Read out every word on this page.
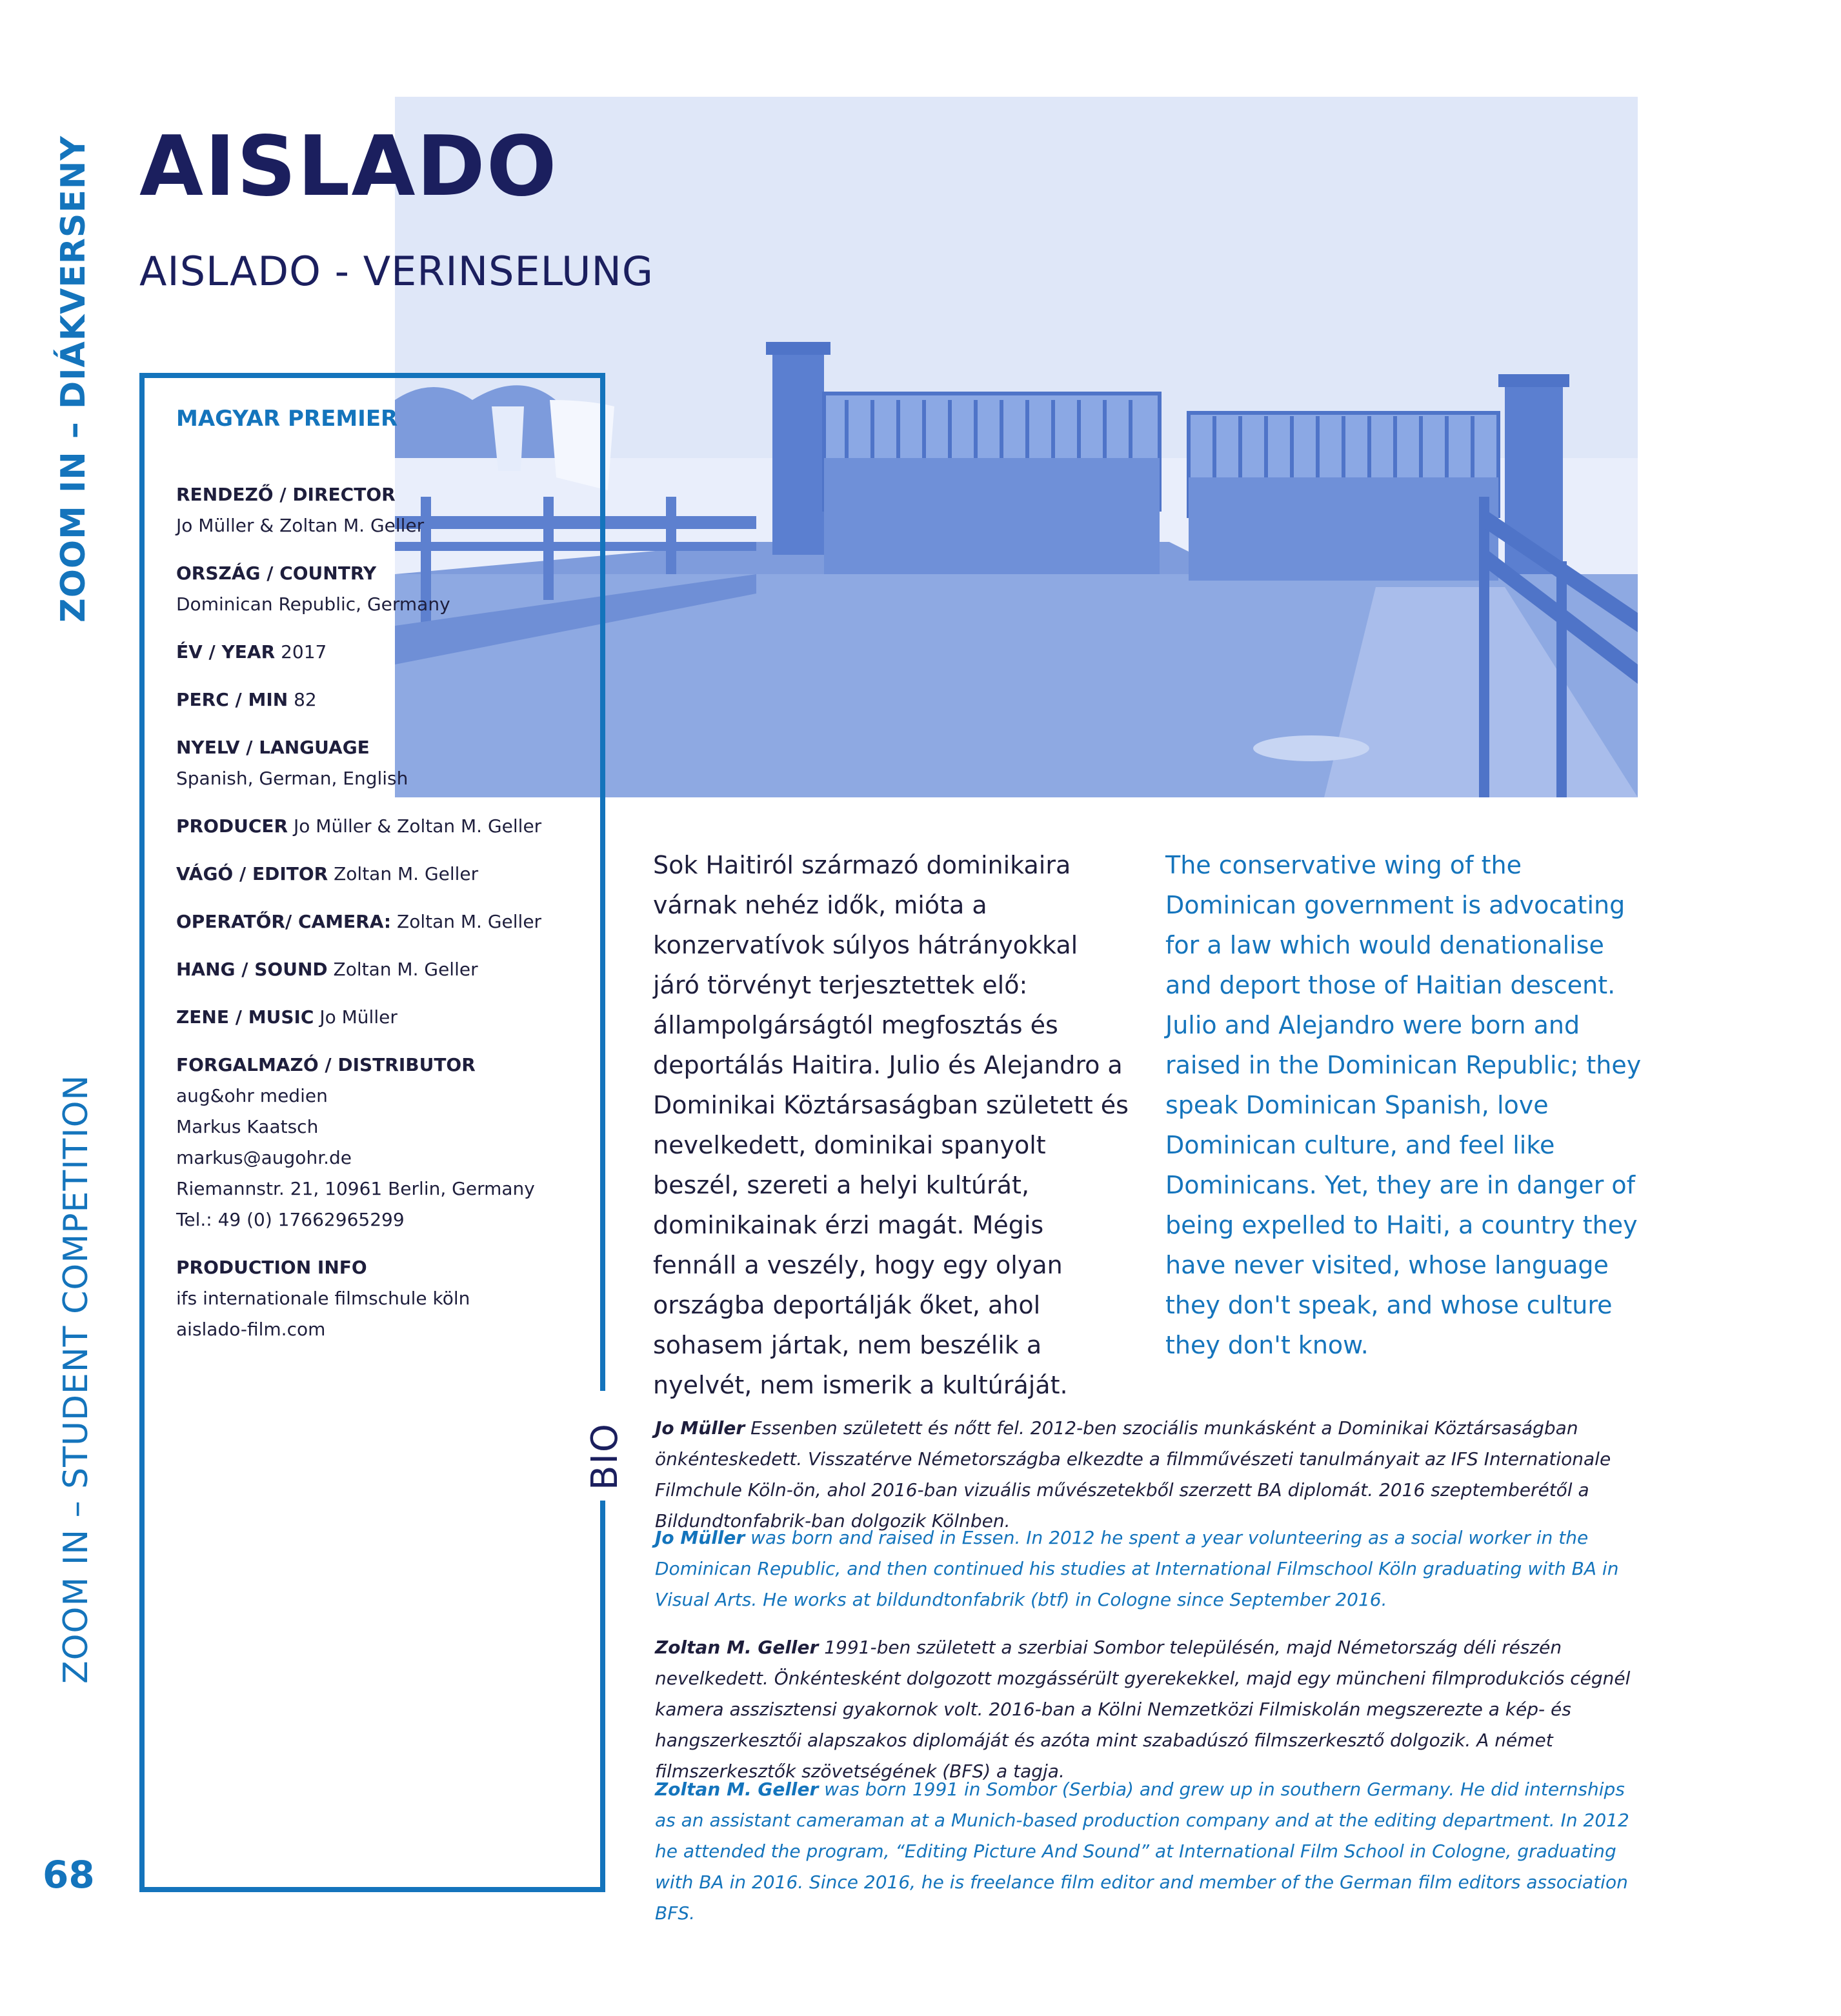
AISLADO
AISLADO - VERINSELUNG
ZOOM IN – DIÁKVERSENY
ZOOM IN – STUDENT COMPETITION
68
BIO
MAGYAR PREMIER
RENDEZŐ / DIRECTOR
Jo Müller & Zoltan M. Geller
ORSZÁG / COUNTRY
Dominican Republic, Germany
ÉV / YEAR 2017
PERC / MIN 82
NYELV / LANGUAGE
Spanish, German, English
PRODUCER Jo Müller & Zoltan M. Geller
VÁGÓ / EDITOR Zoltan M. Geller
OPERATŐR/ CAMERA: Zoltan M. Geller
HANG / SOUND Zoltan M. Geller
ZENE / MUSIC Jo Müller
FORGALMAZÓ / DISTRIBUTOR
aug&ohr medien
Markus Kaatsch
markus@augohr.de
Riemannstr. 21, 10961 Berlin, Germany
Tel.: 49 (0) 17662965299
PRODUCTION INFO
ifs internationale filmschule köln
aislado-film.com
Sok Haitiról származó dominikaira várnak nehéz idők, mióta a konzervatívok súlyos hátrányokkal járó törvényt terjesztettek elő: állampolgárságtól megfosztás és deportálás Haitira. Julio és Alejandro a Dominikai Köztársaságban született és nevelkedett, dominikai spanyolt beszél, szereti a helyi kultúrát, dominikainak érzi magát. Mégis fennáll a veszély, hogy egy olyan országba deportálják őket, ahol sohasem jártak, nem beszélik a nyelvét, nem ismerik a kultúráját.
The conservative wing of the Dominican government is advocating for a law which would denationalise and deport those of Haitian descent. Julio and Alejandro were born and raised in the Dominican Republic; they speak Dominican Spanish, love Dominican culture, and feel like Dominicans. Yet, they are in danger of being expelled to Haiti, a country they have never visited, whose language they don't speak, and whose culture they don't know.
Jo Müller Essenben született és nőtt fel. 2012-ben szociális munkásként a Dominikai Köztársaságban önkénteskedett. Visszatérve Németországba elkezdte a filmművészeti tanulmányait az IFS Internationale Filmchule Köln-ön, ahol 2016-ban vizuális művészetekből szerzett BA diplomát. 2016 szeptemberétől a Bildundtonfabrik-ban dolgozik Kölnben.
Jo Müller was born and raised in Essen. In 2012 he spent a year volunteering as a social worker in the Dominican Republic, and then continued his studies at International Filmschool Köln graduating with BA in Visual Arts. He works at bildundtonfabrik (btf) in Cologne since September 2016.
Zoltan M. Geller 1991-ben született a szerbiai Sombor településén, majd Németország déli részén nevelkedett. Önkéntesként dolgozott mozgássérült gyerekekkel, majd egy müncheni filmprodukciós cégnél kamera asszisztensi gyakornok volt. 2016-ban a Kölni Nemzetközi Filmiskolán megszerezte a kép- és hangszerkesztői alapszakos diplomáját és azóta mint szabadúszó filmszerkesztő dolgozik. A német filmszerkesztők szövetségének (BFS) a tagja.
Zoltan M. Geller was born 1991 in Sombor (Serbia) and grew up in southern Germany. He did internships as an assistant cameraman at a Munich-based production company and at the editing department. In 2012 he attended the program, “Editing Picture And Sound” at International Film School in Cologne, graduating with BA in 2016. Since 2016, he is freelance film editor and member of the German film editors association BFS.
